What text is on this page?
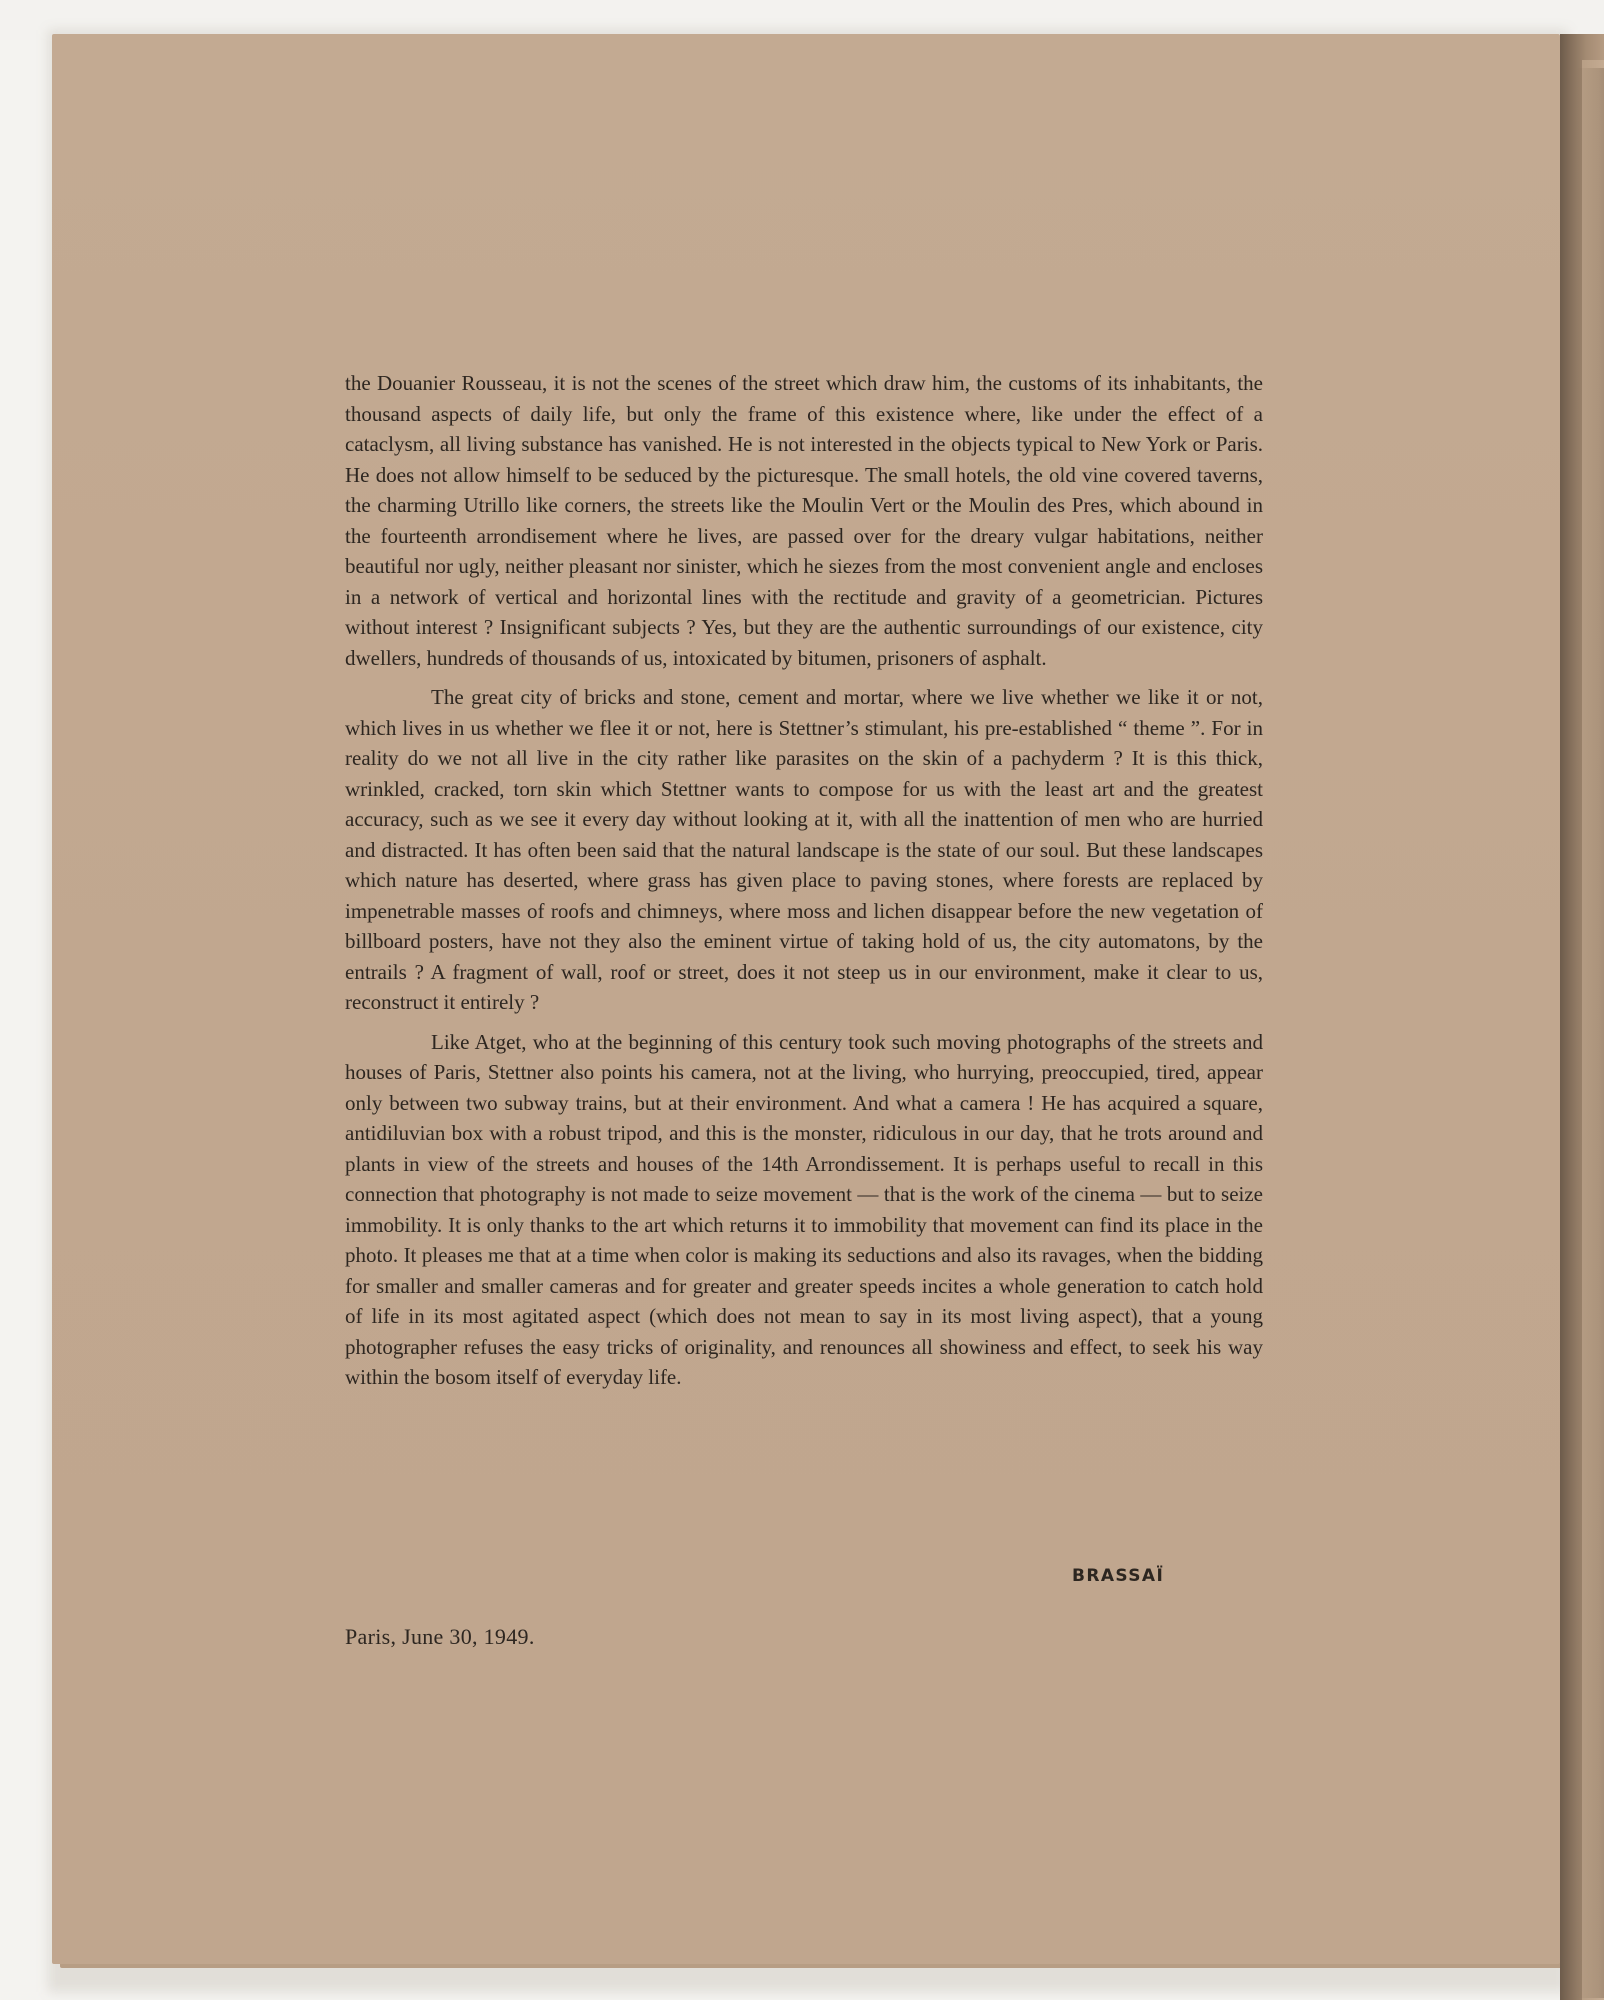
the Douanier Rousseau, it is not the scenes of the street which draw him, the customs of its inhabitants, the thousand aspects of daily life, but only the frame of this existence where, like under the effect of a cataclysm, all living substance has vanished. He is not interested in the objects typical to New York or Paris. He does not allow himself to be seduced by the picturesque. The small hotels, the old vine covered taverns, the charming Utrillo like corners, the streets like the Moulin Vert or the Moulin des Pres, which abound in the fourteenth arrondisement where he lives, are passed over for the dreary vulgar habitations, neither beautiful nor ugly, neither pleasant nor sinister, which he siezes from the most convenient angle and encloses in a network of vertical and horizontal lines with the rectitude and gravity of a geometrician. Pictures without interest ? Insignificant subjects ? Yes, but they are the authentic surroundings of our existence, city dwellers, hundreds of thousands of us, intoxicated by bitumen, prisoners of asphalt.

The great city of bricks and stone, cement and mortar, where we live whether we like it or not, which lives in us whether we flee it or not, here is Stettner’s stimulant, his pre-established “ theme ”. For in reality do we not all live in the city rather like parasites on the skin of a pachyderm ? It is this thick, wrinkled, cracked, torn skin which Stettner wants to compose for us with the least art and the greatest accuracy, such as we see it every day without looking at it, with all the inattention of men who are hurried and distracted. It has often been said that the natural landscape is the state of our soul. But these landscapes which nature has deserted, where grass has given place to paving stones, where forests are replaced by impenetrable masses of roofs and chimneys, where moss and lichen disappear before the new vegetation of billboard posters, have not they also the eminent virtue of taking hold of us, the city automatons, by the entrails ? A fragment of wall, roof or street, does it not steep us in our environment, make it clear to us, reconstruct it entirely ?

Like Atget, who at the beginning of this century took such moving photographs of the streets and houses of Paris, Stettner also points his camera, not at the living, who hurrying, preoccupied, tired, appear only between two subway trains, but at their environment. And what a camera ! He has acquired a square, antidiluvian box with a robust tripod, and this is the monster, ridiculous in our day, that he trots around and plants in view of the streets and houses of the 14th Arrondissement. It is perhaps useful to recall in this connection that photography is not made to seize movement — that is the work of the cinema — but to seize immobility. It is only thanks to the art which returns it to immobility that movement can find its place in the photo. It pleases me that at a time when color is making its seductions and also its ravages, when the bidding for smaller and smaller cameras and for greater and greater speeds incites a whole generation to catch hold of life in its most agitated aspect (which does not mean to say in its most living aspect), that a young photographer refuses the easy tricks of originality, and renounces all showiness and effect, to seek his way within the bosom itself of everyday life.

BRASSAÏ
Paris, June 30, 1949.
